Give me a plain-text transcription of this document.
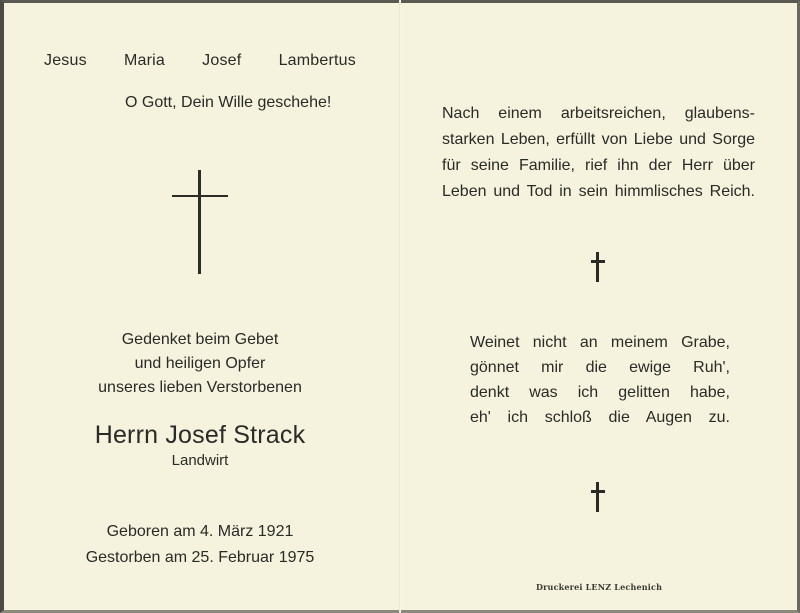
Jesus Maria Josef Lambertus
O Gott, Dein Wille geschehe!
Gedenket beim Gebet
und heiligen Opfer
unseres lieben Verstorbenen
Herrn Josef Strack
Landwirt
Geboren am 4. März 1921
Gestorben am 25. Februar 1975
Nach einem arbeitsreichen, glaubens-
starken Leben, erfüllt von Liebe und Sorge
für seine Familie, rief ihn der Herr über
Leben und Tod in sein himmlisches Reich.
Weinet nicht an meinem Grabe,
gönnet mir die ewige Ruh',
denkt was ich gelitten habe,
eh' ich schloß die Augen zu.
Druckerei LENZ Lechenich
